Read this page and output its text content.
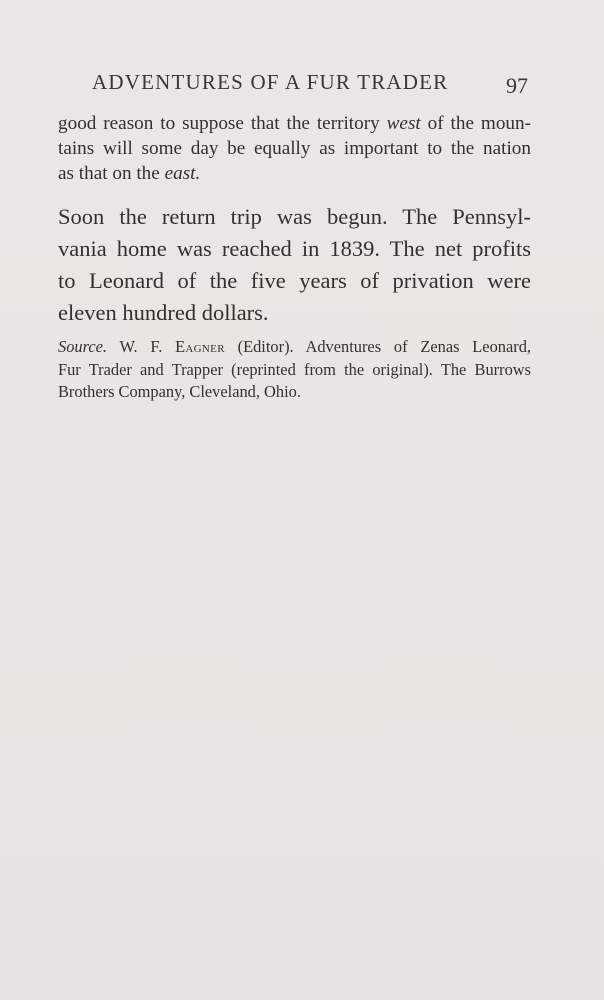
ADVENTURES OF A FUR TRADER	97
good reason to suppose that the territory west of the moun-
tains will some day be equally as important to the nation
as that on the east.
Soon the return trip was begun. The Pennsyl-
vania home was reached in 1839. The net profits
to Leonard of the five years of privation were
eleven hundred dollars.
Source. W. F. Eagner (Editor). Adventures of Zenas Leonard,
Fur Trader and Trapper (reprinted from the original). The Burrows
Brothers Company, Cleveland, Ohio.
